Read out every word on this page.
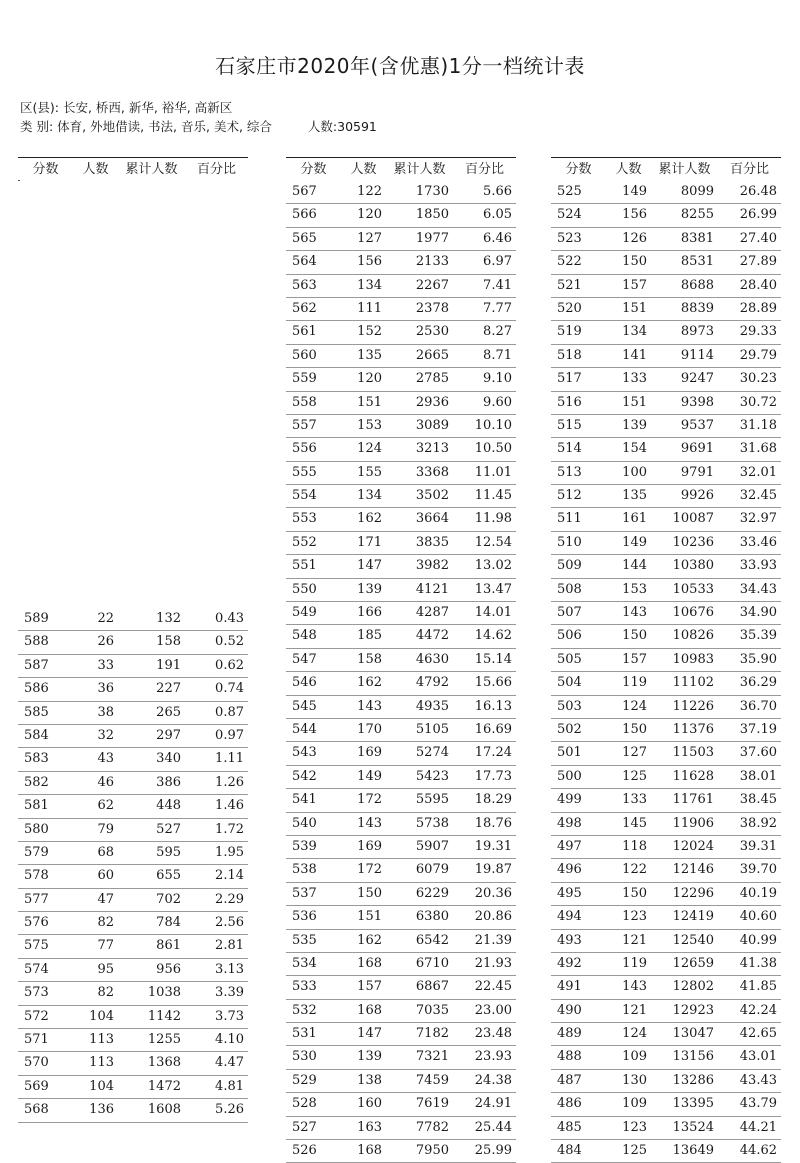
石家庄市2020年(含优惠)1分一档统计表
区(县): 长安, 桥西, 新华, 裕华, 高新区
类 别: 体育, 外地借读, 书法, 音乐, 美术, 综合	人数:30591
分数	人数	累计人数	百分比
589	22	132	0.43
588	26	158	0.52
587	33	191	0.62
586	36	227	0.74
585	38	265	0.87
584	32	297	0.97
583	43	340	1.11
582	46	386	1.26
581	62	448	1.46
580	79	527	1.72
579	68	595	1.95
578	60	655	2.14
577	47	702	2.29
576	82	784	2.56
575	77	861	2.81
574	95	956	3.13
573	82	1038	3.39
572	104	1142	3.73
571	113	1255	4.10
570	113	1368	4.47
569	104	1472	4.81
568	136	1608	5.26
分数	人数	累计人数	百分比
567	122	1730	5.66
566	120	1850	6.05
565	127	1977	6.46
564	156	2133	6.97
563	134	2267	7.41
562	111	2378	7.77
561	152	2530	8.27
560	135	2665	8.71
559	120	2785	9.10
558	151	2936	9.60
557	153	3089	10.10
556	124	3213	10.50
555	155	3368	11.01
554	134	3502	11.45
553	162	3664	11.98
552	171	3835	12.54
551	147	3982	13.02
550	139	4121	13.47
549	166	4287	14.01
548	185	4472	14.62
547	158	4630	15.14
546	162	4792	15.66
545	143	4935	16.13
544	170	5105	16.69
543	169	5274	17.24
542	149	5423	17.73
541	172	5595	18.29
540	143	5738	18.76
539	169	5907	19.31
538	172	6079	19.87
537	150	6229	20.36
536	151	6380	20.86
535	162	6542	21.39
534	168	6710	21.93
533	157	6867	22.45
532	168	7035	23.00
531	147	7182	23.48
530	139	7321	23.93
529	138	7459	24.38
528	160	7619	24.91
527	163	7782	25.44
526	168	7950	25.99
分数	人数	累计人数	百分比
525	149	8099	26.48
524	156	8255	26.99
523	126	8381	27.40
522	150	8531	27.89
521	157	8688	28.40
520	151	8839	28.89
519	134	8973	29.33
518	141	9114	29.79
517	133	9247	30.23
516	151	9398	30.72
515	139	9537	31.18
514	154	9691	31.68
513	100	9791	32.01
512	135	9926	32.45
511	161	10087	32.97
510	149	10236	33.46
509	144	10380	33.93
508	153	10533	34.43
507	143	10676	34.90
506	150	10826	35.39
505	157	10983	35.90
504	119	11102	36.29
503	124	11226	36.70
502	150	11376	37.19
501	127	11503	37.60
500	125	11628	38.01
499	133	11761	38.45
498	145	11906	38.92
497	118	12024	39.31
496	122	12146	39.70
495	150	12296	40.19
494	123	12419	40.60
493	121	12540	40.99
492	119	12659	41.38
491	143	12802	41.85
490	121	12923	42.24
489	124	13047	42.65
488	109	13156	43.01
487	130	13286	43.43
486	109	13395	43.79
485	123	13524	44.21
484	125	13649	44.62
